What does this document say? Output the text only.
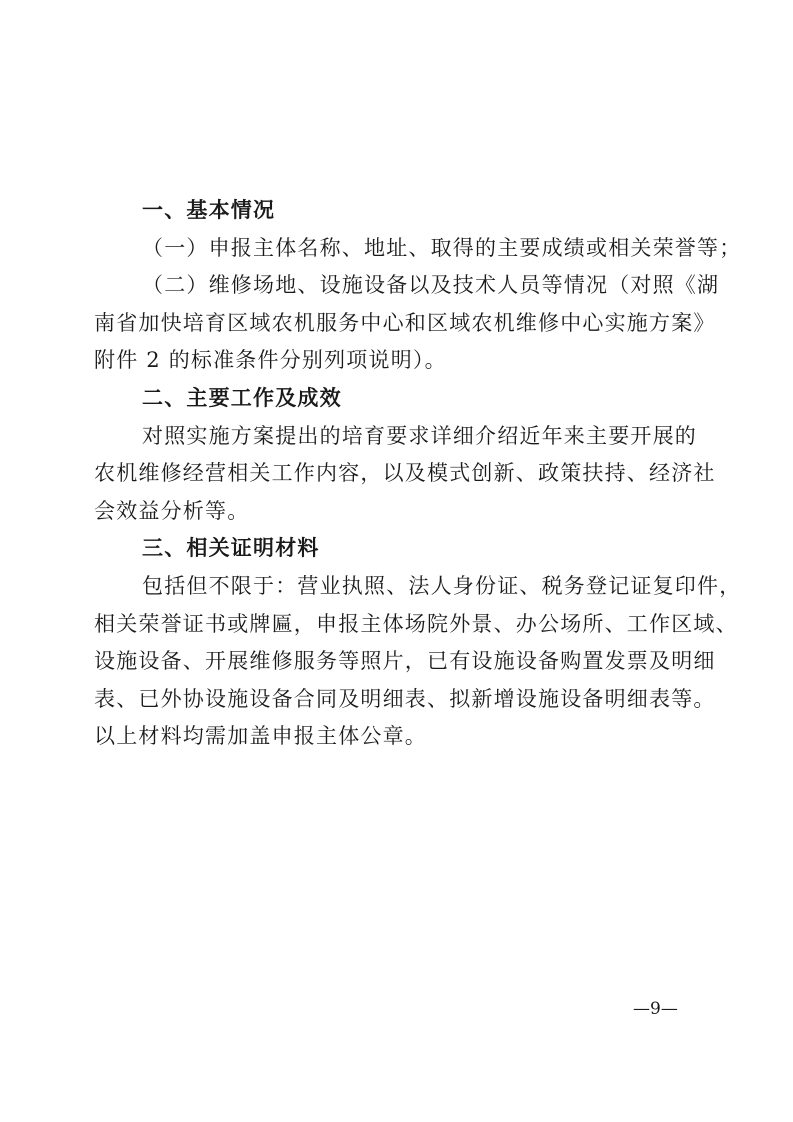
一、基本情况
（一）申报主体名称、地址、取得的主要成绩或相关荣誉等；
（二）维修场地、设施设备以及技术人员等情况（对照《湖
南省加快培育区域农机服务中心和区域农机维修中心实施方案》
附件 2 的标准条件分别列项说明）。
二、主要工作及成效
对照实施方案提出的培育要求详细介绍近年来主要开展的
农机维修经营相关工作内容，以及模式创新、政策扶持、经济社
会效益分析等。
三、相关证明材料
包括但不限于：营业执照、法人身份证、税务登记证复印件，
相关荣誉证书或牌匾，申报主体场院外景、办公场所、工作区域、
设施设备、开展维修服务等照片，已有设施设备购置发票及明细
表、已外协设施设备合同及明细表、拟新增设施设备明细表等。
以上材料均需加盖申报主体公章。
—9—
